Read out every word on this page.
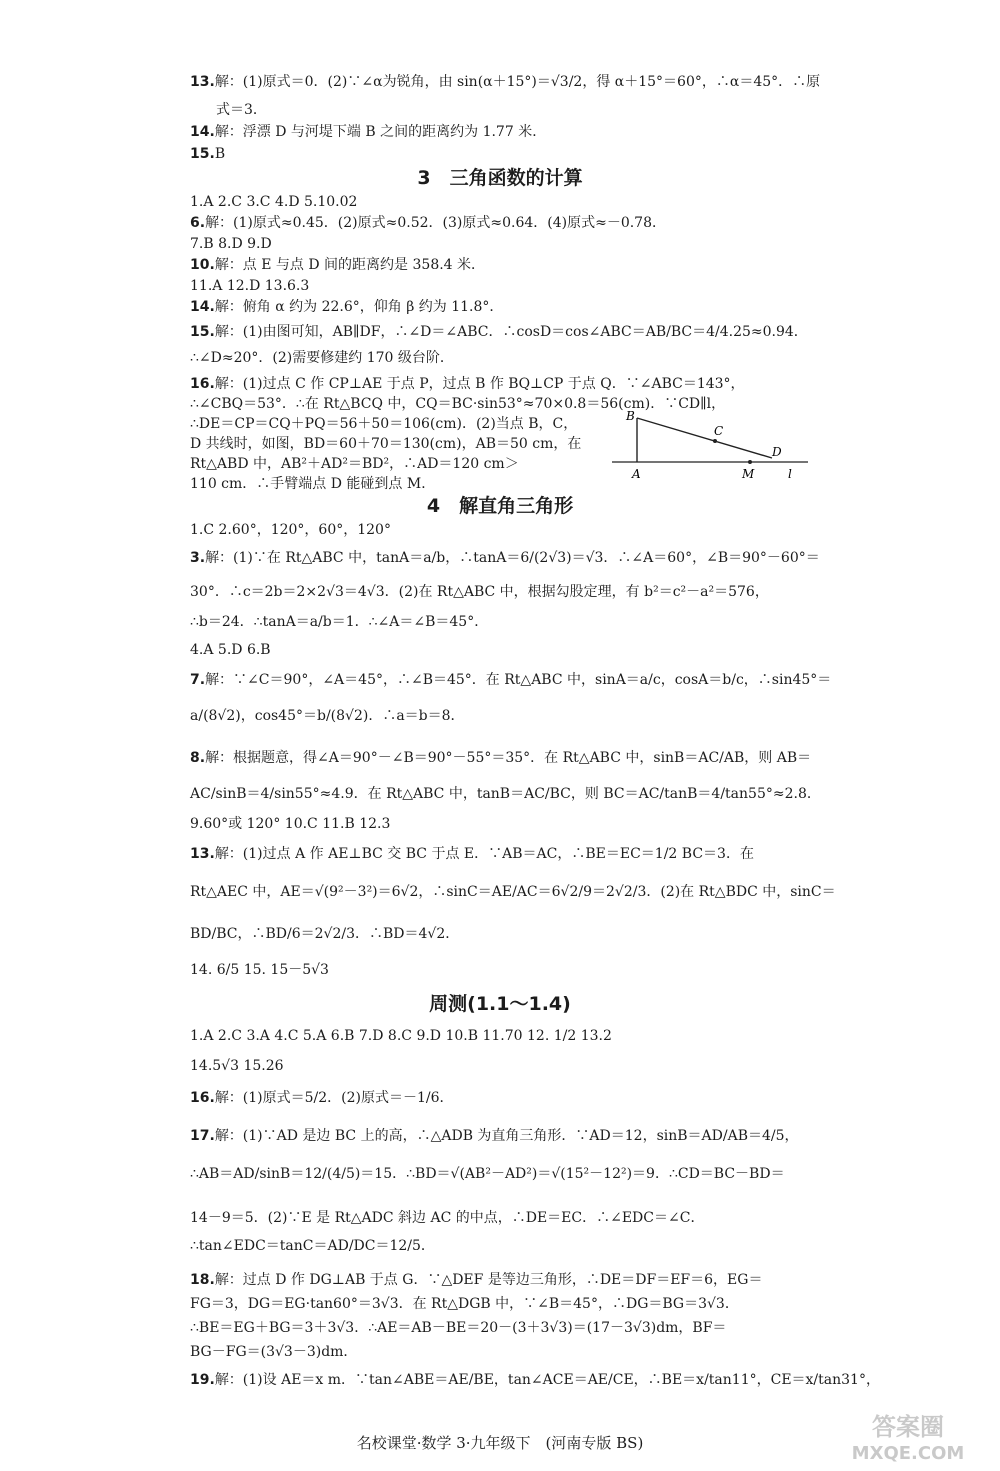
13.解：(1)原式＝0．(2)∵∠α为锐角，由 sin(α＋15°)＝√3/2，得 α＋15°＝60°，∴α＝45°．∴原
式＝3．
14.解：浮漂 D 与河堤下端 B 之间的距离约为 1.77 米．
15.B
3　三角函数的计算
1.A 2.C 3.C 4.D 5.10.02
6.解：(1)原式≈0.45．(2)原式≈0.52．(3)原式≈0.64．(4)原式≈－0.78．
7.B 8.D 9.D
10.解：点 E 与点 D 间的距离约是 358.4 米．
11.A 12.D 13.6.3
14.解：俯角 α 约为 22.6°，仰角 β 约为 11.8°．
15.解：(1)由图可知，AB∥DF，∴∠D＝∠ABC．∴cosD＝cos∠ABC＝AB/BC＝4/4.25≈0.94．
∴∠D≈20°．(2)需要修建约 170 级台阶．
16.解：(1)过点 C 作 CP⊥AE 于点 P，过点 B 作 BQ⊥CP 于点 Q．∵∠ABC＝143°，
∴∠CBQ＝53°．∴在 Rt△BCQ 中，CQ＝BC·sin53°≈70×0.8＝56(cm)．∵CD∥l，
∴DE＝CP＝CQ＋PQ＝56＋50＝106(cm)．(2)当点 B，C，
D 共线时，如图，BD＝60＋70＝130(cm)，AB＝50 cm，在
Rt△ABD 中，AB²＋AD²＝BD²，∴AD＝120 cm＞
110 cm．∴手臂端点 D 能碰到点 M．
B
C
D
A	M	l
4　解直角三角形
1.C 2.60°，120°，60°，120°
3.解：(1)∵在 Rt△ABC 中，tanA＝a/b，∴tanA＝6/(2√3)＝√3．∴∠A＝60°，∠B＝90°－60°＝
30°．∴c＝2b＝2×2√3＝4√3．(2)在 Rt△ABC 中，根据勾股定理，有 b²＝c²－a²＝576，
∴b＝24．∴tanA＝a/b＝1．∴∠A＝∠B＝45°．
4.A 5.D 6.B
7.解：∵∠C＝90°，∠A＝45°，∴∠B＝45°．在 Rt△ABC 中，sinA＝a/c，cosA＝b/c，∴sin45°＝
a/(8√2)，cos45°＝b/(8√2)．∴a＝b＝8．
8.解：根据题意，得∠A＝90°－∠B＝90°－55°＝35°．在 Rt△ABC 中，sinB＝AC/AB，则 AB＝
AC/sinB＝4/sin55°≈4.9．在 Rt△ABC 中，tanB＝AC/BC，则 BC＝AC/tanB＝4/tan55°≈2.8．
9.60°或 120° 10.C 11.B 12.3
13.解：(1)过点 A 作 AE⊥BC 交 BC 于点 E．∵AB＝AC，∴BE＝EC＝1/2 BC＝3．在
Rt△AEC 中，AE＝√(9²－3²)＝6√2，∴sinC＝AE/AC＝6√2/9＝2√2/3．(2)在 Rt△BDC 中，sinC＝
BD/BC，∴BD/6＝2√2/3．∴BD＝4√2．
14. 6/5 15. 15－5√3
周测(1.1～1.4)
1.A 2.C 3.A 4.C 5.A 6.B 7.D 8.C 9.D 10.B 11.70 12. 1/2 13.2
14.5√3 15.26
16.解：(1)原式＝5/2．(2)原式＝－1/6．
17.解：(1)∵AD 是边 BC 上的高，∴△ADB 为直角三角形．∵AD＝12，sinB＝AD/AB＝4/5，
∴AB＝AD/sinB＝12/(4/5)＝15．∴BD＝√(AB²－AD²)＝√(15²－12²)＝9．∴CD＝BC－BD＝
14－9＝5．(2)∵E 是 Rt△ADC 斜边 AC 的中点，∴DE＝EC．∴∠EDC＝∠C．
∴tan∠EDC＝tanC＝AD/DC＝12/5．
18.解：过点 D 作 DG⊥AB 于点 G．∵△DEF 是等边三角形，∴DE＝DF＝EF＝6，EG＝
FG＝3，DG＝EG·tan60°＝3√3．在 Rt△DGB 中，∵∠B＝45°，∴DG＝BG＝3√3．
∴BE＝EG＋BG＝3＋3√3．∴AE＝AB－BE＝20－(3＋3√3)＝(17－3√3)dm，BF＝
BG－FG＝(3√3－3)dm．
19.解：(1)设 AE＝x m．∵tan∠ABE＝AE/BE，tan∠ACE＝AE/CE，∴BE＝x/tan11°，CE＝x/tan31°，
名校课堂·数学 3·九年级下　(河南专版 BS)
答案圈
MXQE.COM
